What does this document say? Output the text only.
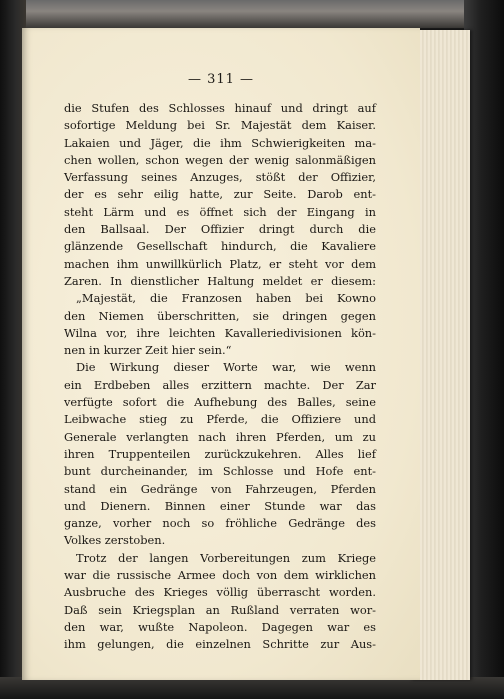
— 311 —
die Stufen des Schlosses hinauf und dringt auf
sofortige Meldung bei Sr. Majestät dem Kaiser.
Lakaien und Jäger, die ihm Schwierigkeiten ma-
chen wollen, schon wegen der wenig salonmäßigen
Verfassung seines Anzuges, stößt der Offizier,
der es sehr eilig hatte, zur Seite. Darob ent-
steht Lärm und es öffnet sich der Eingang in
den Ballsaal. Der Offizier dringt durch die
glänzende Gesellschaft hindurch, die Kavaliere
machen ihm unwillkürlich Platz, er steht vor dem
Zaren. In dienstlicher Haltung meldet er diesem:
„Majestät, die Franzosen haben bei Kowno
den Niemen überschritten, sie dringen gegen
Wilna vor, ihre leichten Kavalleriedivisionen kön-
nen in kurzer Zeit hier sein.“
Die Wirkung dieser Worte war, wie wenn
ein Erdbeben alles erzittern machte. Der Zar
verfügte sofort die Aufhebung des Balles, seine
Leibwache stieg zu Pferde, die Offiziere und
Generale verlangten nach ihren Pferden, um zu
ihren Truppenteilen zurückzukehren. Alles lief
bunt durcheinander, im Schlosse und Hofe ent-
stand ein Gedränge von Fahrzeugen, Pferden
und Dienern. Binnen einer Stunde war das
ganze, vorher noch so fröhliche Gedränge des
Volkes zerstoben.
Trotz der langen Vorbereitungen zum Kriege
war die russische Armee doch von dem wirklichen
Ausbruche des Krieges völlig überrascht worden.
Daß sein Kriegsplan an Rußland verraten wor-
den war, wußte Napoleon. Dagegen war es
ihm gelungen, die einzelnen Schritte zur Aus-
